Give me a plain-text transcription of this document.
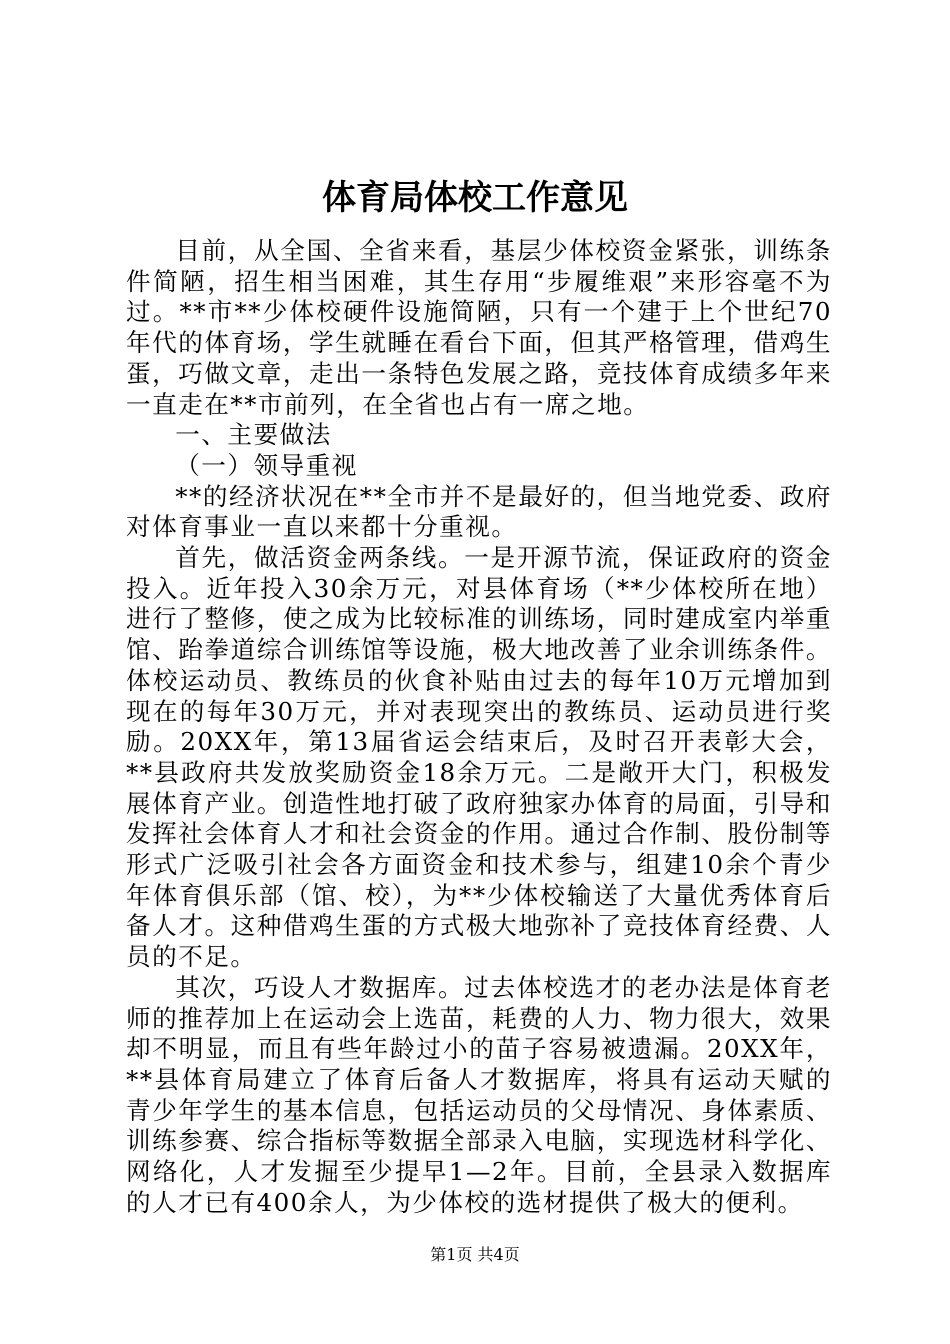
体育局体校工作意见

目前，从全国、全省来看，基层少体校资金紧张，训练条件简陋，招生相当困难，其生存用“步履维艰”来形容毫不为过。**市**少体校硬件设施简陋，只有一个建于上个世纪70年代的体育场，学生就睡在看台下面，但其严格管理，借鸡生蛋，巧做文章，走出一条特色发展之路，竞技体育成绩多年来一直走在**市前列，在全省也占有一席之地。

一、主要做法

（一）领导重视

**的经济状况在**全市并不是最好的，但当地党委、政府对体育事业一直以来都十分重视。

首先，做活资金两条线。一是开源节流，保证政府的资金投入。近年投入30余万元，对县体育场（**少体校所在地）进行了整修，使之成为比较标准的训练场，同时建成室内举重馆、跆拳道综合训练馆等设施，极大地改善了业余训练条件。体校运动员、教练员的伙食补贴由过去的每年10万元增加到现在的每年30万元，并对表现突出的教练员、运动员进行奖励。20XX年，第13届省运会结束后，及时召开表彰大会，**县政府共发放奖励资金18余万元。二是敞开大门，积极发展体育产业。创造性地打破了政府独家办体育的局面，引导和发挥社会体育人才和社会资金的作用。通过合作制、股份制等形式广泛吸引社会各方面资金和技术参与，组建10余个青少年体育俱乐部（馆、校），为**少体校输送了大量优秀体育后备人才。这种借鸡生蛋的方式极大地弥补了竞技体育经费、人员的不足。

其次，巧设人才数据库。过去体校选才的老办法是体育老师的推荐加上在运动会上选苗，耗费的人力、物力很大，效果却不明显，而且有些年龄过小的苗子容易被遗漏。20XX年，**县体育局建立了体育后备人才数据库，将具有运动天赋的青少年学生的基本信息，包括运动员的父母情况、身体素质、训练参赛、综合指标等数据全部录入电脑，实现选材科学化、网络化，人才发掘至少提早1—2年。目前，全县录入数据库的人才已有400余人，为少体校的选材提供了极大的便利。

第1页 共4页
